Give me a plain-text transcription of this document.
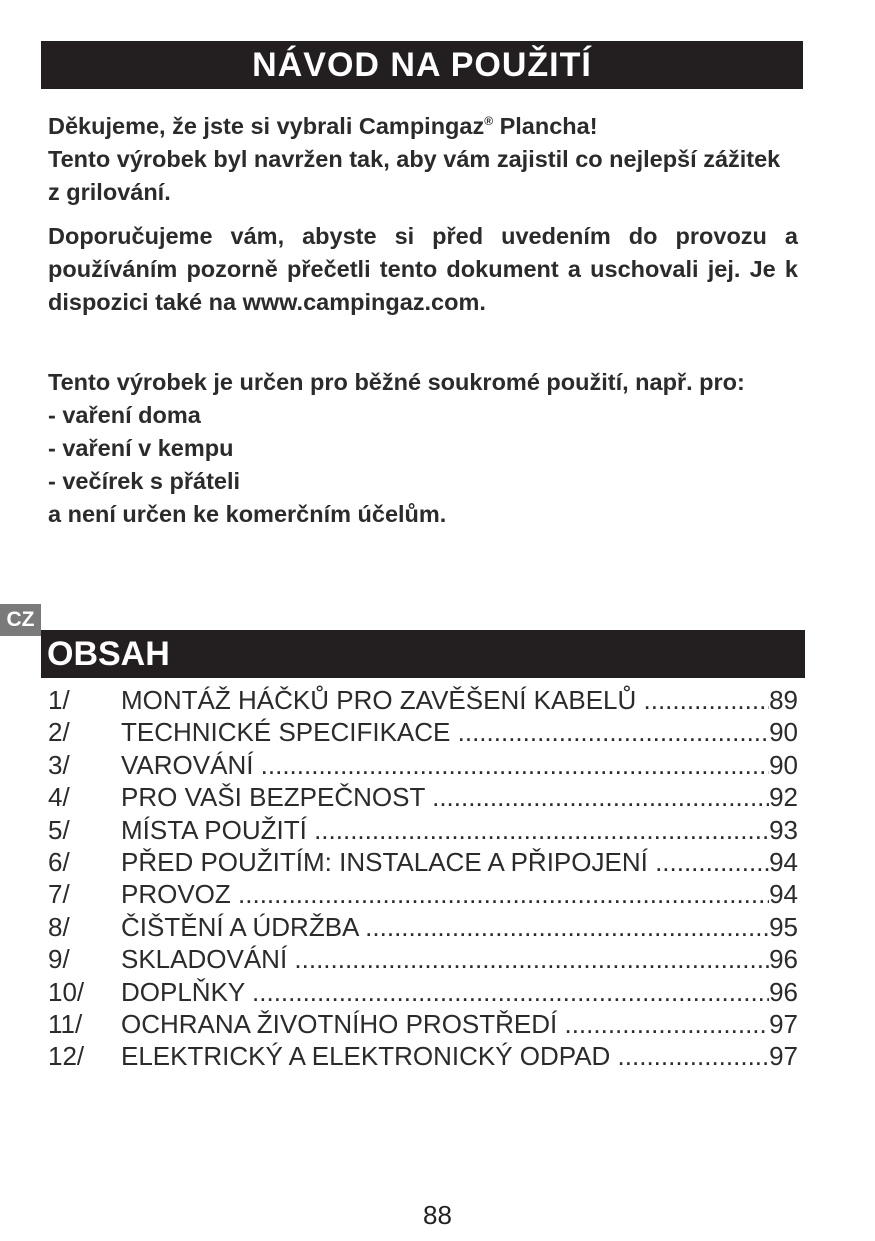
NÁVOD NA POUŽITÍ

Děkujeme, že jste si vybrali Campingaz® Plancha!

Tento výrobek byl navržen tak, aby vám zajistil co nejlepší zážitek z grilování.

Doporučujeme vám, abyste si před uvedením do provozu a používáním pozorně přečetli tento dokument a uschovali jej. Je k dispozici také na www.campingaz.com.

Tento výrobek je určen pro běžné soukromé použití, např. pro:

- vaření doma

- vaření v kempu

- večírek s přáteli

a není určen ke komerčním účelům.

CZ
OBSAH
1/	MONTÁŽ HÁČKŮ PRO ZAVĚŠENÍ KABELŮ .....	89
2/	TECHNICKÉ SPECIFIKACE .....	90
3/	VAROVÁNÍ .....	90
4/	PRO VAŠI BEZPEČNOST .....	92
5/	MÍSTA POUŽITÍ .....	93
6/	PŘED POUŽITÍM: INSTALACE A PŘIPOJENÍ .....	94
7/	PROVOZ .....	94
8/	ČIŠTĚNÍ A ÚDRŽBA .....	95
9/	SKLADOVÁNÍ .....	96
10/	DOPLŇKY .....	96
11/	OCHRANA ŽIVOTNÍHO PROSTŘEDÍ .....	97
12/	ELEKTRICKÝ A ELEKTRONICKÝ ODPAD .....	97
88
